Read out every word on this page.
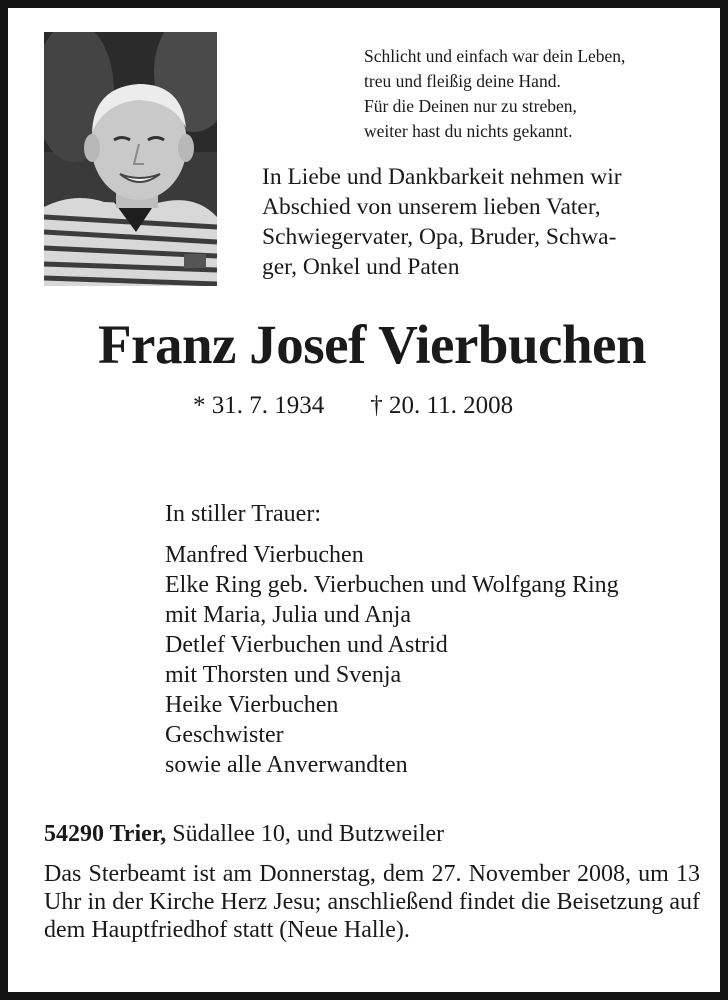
Schlicht und einfach war dein Leben,
treu und fleißig deine Hand.
Für die Deinen nur zu streben,
weiter hast du nichts gekannt.
In Liebe und Dankbarkeit nehmen wir
Abschied von unserem lieben Vater,
Schwiegervater, Opa, Bruder, Schwa-
ger, Onkel und Paten
Franz Josef Vierbuchen
* 31. 7. 1934 † 20. 11. 2008
In stiller Trauer:
Manfred Vierbuchen
Elke Ring geb. Vierbuchen und Wolfgang Ring
mit Maria, Julia und Anja
Detlef Vierbuchen und Astrid
mit Thorsten und Svenja
Heike Vierbuchen
Geschwister
sowie alle Anverwandten
54290 Trier, Südallee 10, und Butzweiler
Das Sterbeamt ist am Donnerstag, dem 27. November 2008, um 13 Uhr in der Kirche Herz Jesu; anschließend findet die Beisetzung auf dem Hauptfriedhof statt (Neue Halle).
